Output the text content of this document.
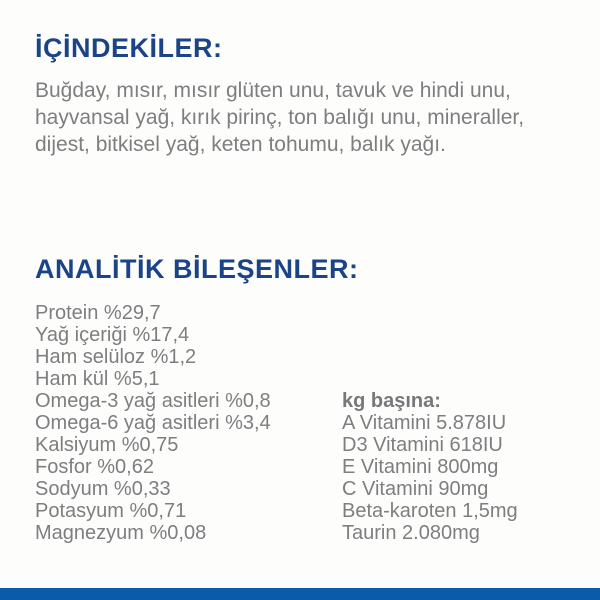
İÇİNDEKİLER:

Buğday, mısır, mısır glüten unu, tavuk ve hindi unu, hayvansal yağ, kırık pirinç, ton balığı unu, mineraller, dijest, bitkisel yağ, keten tohumu, balık yağı.

ANALİTİK BİLEŞENLER:
Protein %29,7
Yağ içeriği %17,4
Ham selüloz %1,2
Ham kül %5,1
Omega-3 yağ asitleri %0,8
Omega-6 yağ asitleri %3,4
Kalsiyum %0,75
Fosfor %0,62
Sodyum %0,33
Potasyum %0,71
Magnezyum %0,08
kg başına:
A Vitamini 5.878IU
D3 Vitamini 618IU
E Vitamini 800mg
C Vitamini 90mg
Beta-karoten 1,5mg
Taurin 2.080mg
